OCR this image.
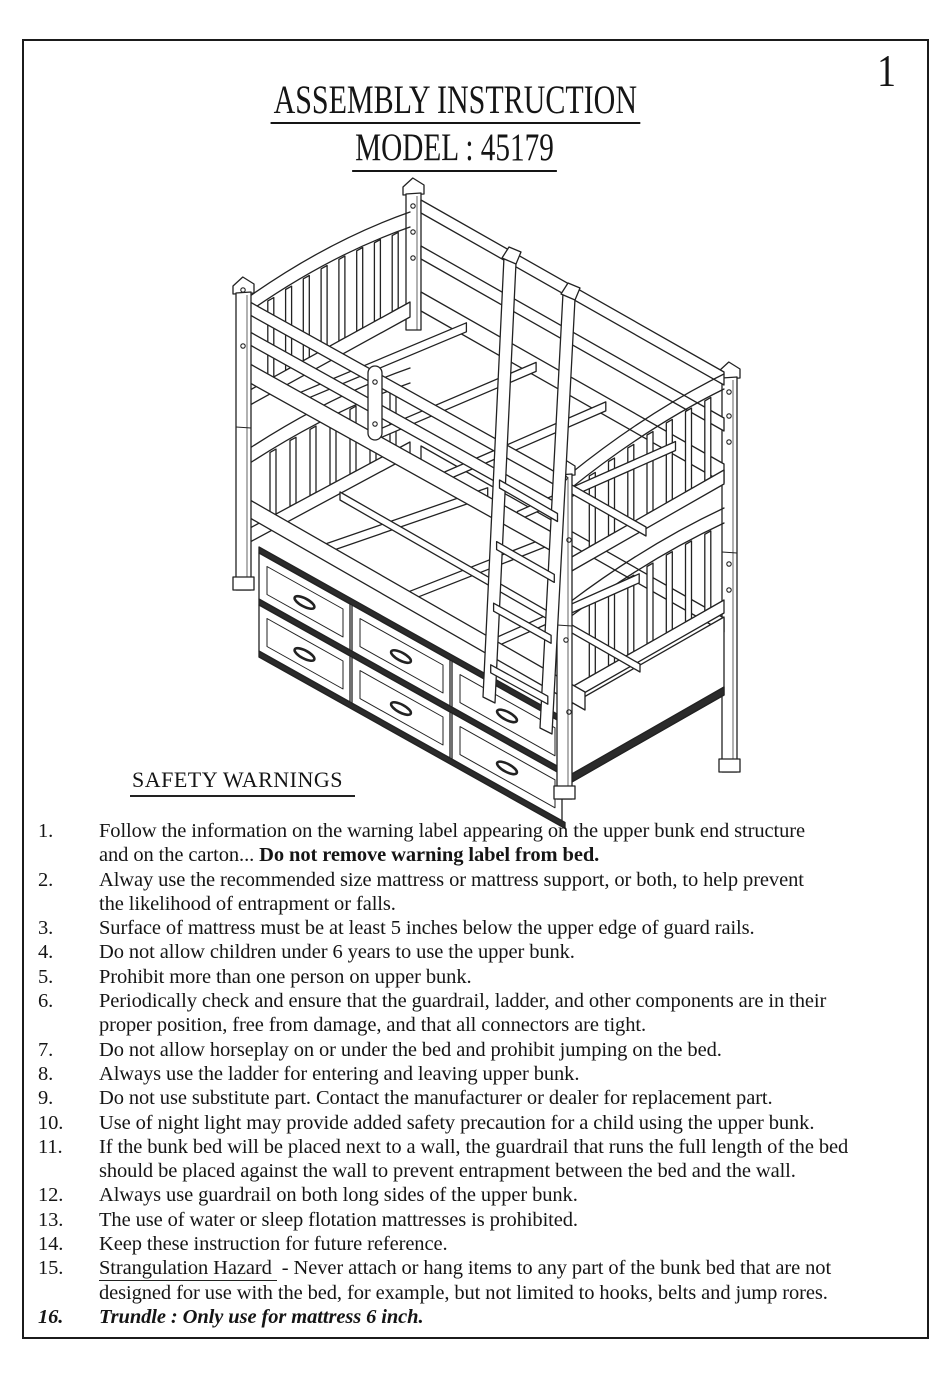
1
ASSEMBLY INSTRUCTION
MODEL : 45179
SAFETY WARNINGS
1.	Follow the information on the warning label appearing on the upper bunk end structure
and on the carton... Do not remove warning label from bed.
2.	Alway use the recommended size mattress or mattress support, or both, to help prevent
the likelihood of entrapment or falls.
3.	Surface of mattress must be at least 5 inches below the upper edge of guard rails.
4.	Do not allow children under 6 years to use the upper bunk.
5.	Prohibit more than one person on upper bunk.
6.	Periodically check and ensure that the guardrail, ladder, and other components are in their
proper position, free from damage, and that all connectors are tight.
7.	Do not allow horseplay on or under the bed and prohibit jumping on the bed.
8.	Always use the ladder for entering and leaving upper bunk.
9.	Do not use substitute part. Contact the manufacturer or dealer for replacement part.
10.	Use of night light may provide added safety precaution for a child using the upper bunk.
11.	If the bunk bed will be placed next to a wall, the guardrail that runs the full length of the bed
should be placed against the wall to prevent entrapment between the bed and the wall.
12.	Always use guardrail on both long sides of the upper bunk.
13.	The use of water or sleep flotation mattresses is prohibited.
14.	Keep these instruction for future reference.
15.	Strangulation Hazard - Never attach or hang items to any part of the bunk bed that are not
designed for use with the bed, for example, but not limited to hooks, belts and jump rores.
16.	Trundle : Only use for mattress 6 inch.
